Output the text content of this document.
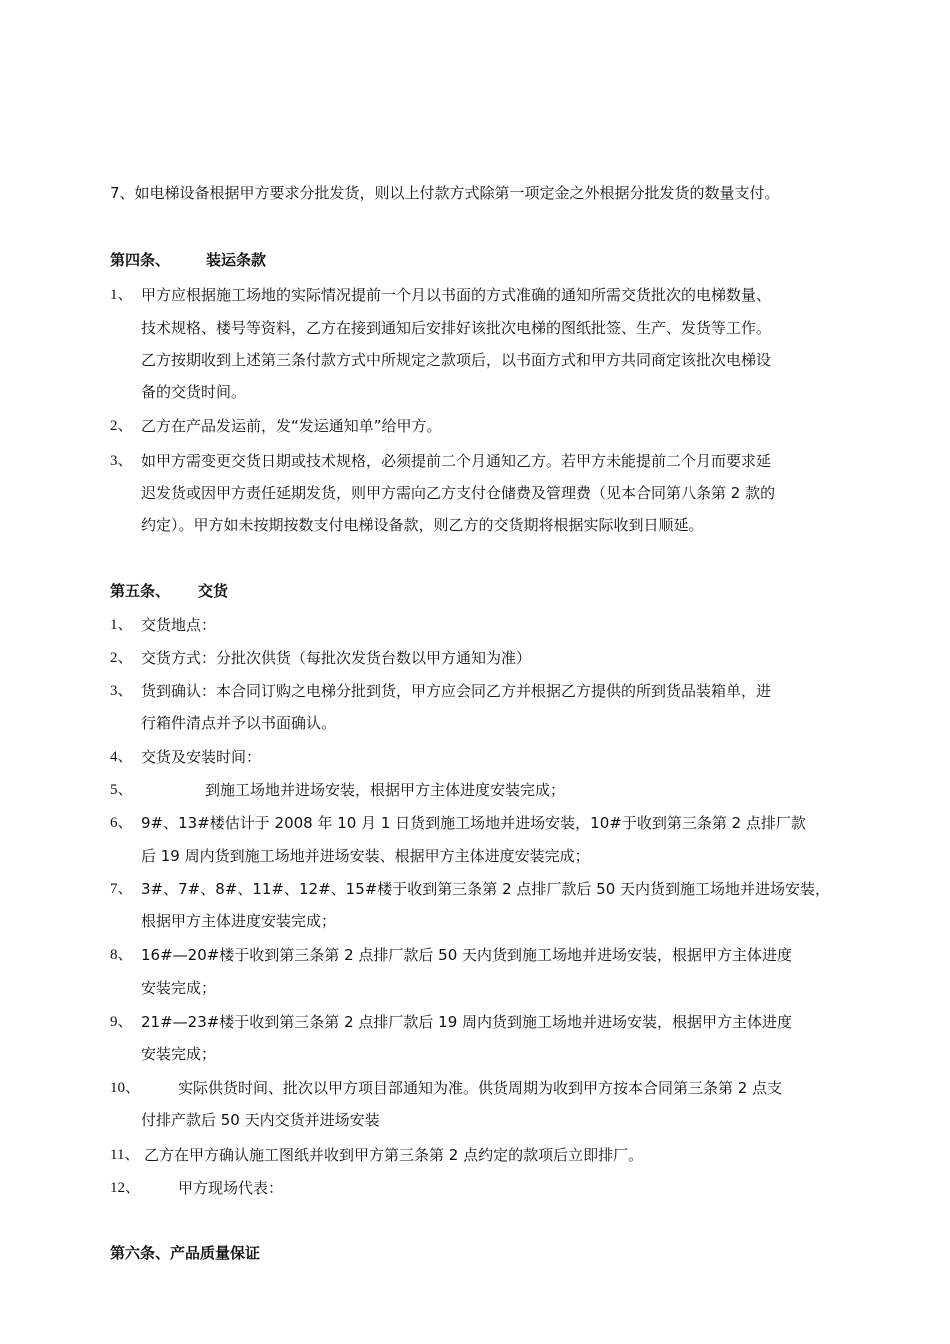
7、如电梯设备根据甲方要求分批发货，则以上付款方式除第一项定金之外根据分批发货的数量支付。
第四条、 装运条款
1、 甲方应根据施工场地的实际情况提前一个月以书面的方式准确的通知所需交货批次的电梯数量、
技术规格、楼号等资料，乙方在接到通知后安排好该批次电梯的图纸批签、生产、发货等工作。
乙方按期收到上述第三条付款方式中所规定之款项后，以书面方式和甲方共同商定该批次电梯设
备的交货时间。
2、 乙方在产品发运前，发“发运通知单”给甲方。
3、 如甲方需变更交货日期或技术规格，必须提前二个月通知乙方。若甲方未能提前二个月而要求延
迟发货或因甲方责任延期发货，则甲方需向乙方支付仓储费及管理费（见本合同第八条第 2 款的
约定）。甲方如未按期按数支付电梯设备款，则乙方的交货期将根据实际收到日顺延。
第五条、 交货
1、 交货地点：
2、 交货方式：分批次供货（每批次发货台数以甲方通知为准）
3、 货到确认：本合同订购之电梯分批到货，甲方应会同乙方并根据乙方提供的所到货品装箱单，进
行箱件清点并予以书面确认。
4、 交货及安装时间：
5、	到施工场地并进场安装，根据甲方主体进度安装完成；
6、 9#、13#楼估计于 2008 年 10 月 1 日货到施工场地并进场安装，10#于收到第三条第 2 点排厂款
后 19 周内货到施工场地并进场安装、根据甲方主体进度安装完成；
7、 3#、7#、8#、11#、12#、15#楼于收到第三条第 2 点排厂款后 50 天内货到施工场地并进场安装，
根据甲方主体进度安装完成；
8、 16#—20#楼于收到第三条第 2 点排厂款后 50 天内货到施工场地并进场安装，根据甲方主体进度
安装完成；
9、 21#—23#楼于收到第三条第 2 点排厂款后 19 周内货到施工场地并进场安装，根据甲方主体进度
安装完成；
10、	实际供货时间、批次以甲方项目部通知为准。供货周期为收到甲方按本合同第三条第 2 点支
付排产款后 50 天内交货并进场安装
11、 乙方在甲方确认施工图纸并收到甲方第三条第 2 点约定的款项后立即排厂。
12、	甲方现场代表：
第六条、产品质量保证
